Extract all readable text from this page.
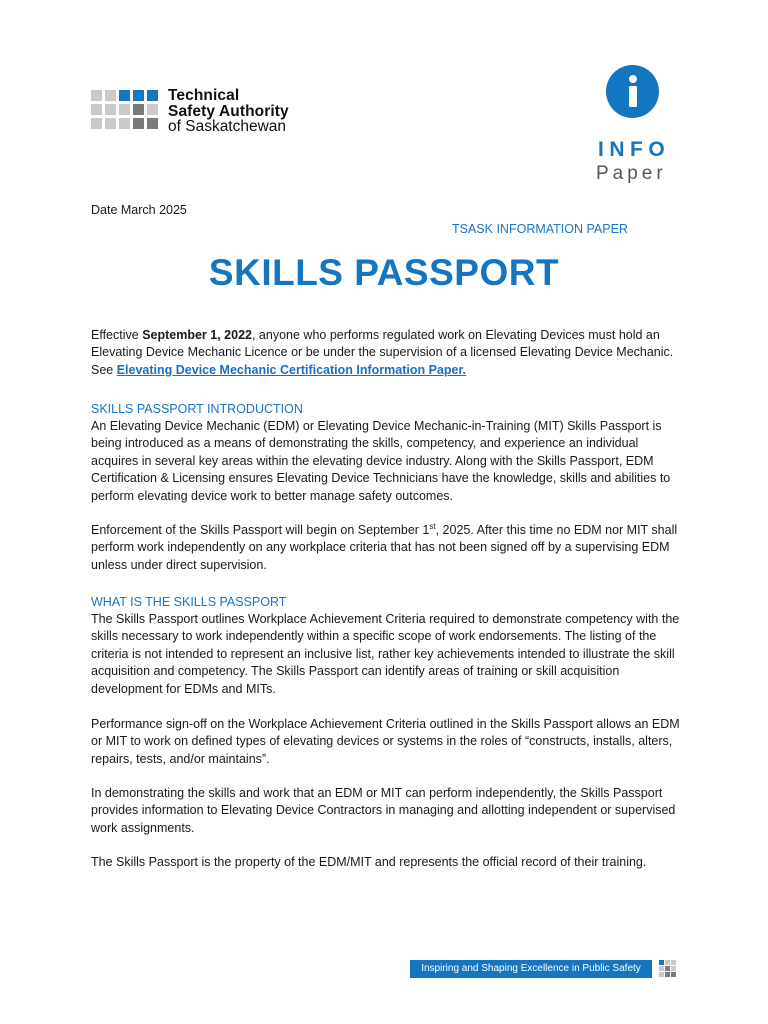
Technical
Safety Authority
of Saskatchewan
INFO
Paper
Date March 2025
TSASK INFORMATION PAPER
SKILLS PASSPORT

Effective September 1, 2022, anyone who performs regulated work on Elevating Devices must hold an Elevating Device Mechanic Licence or be under the supervision of a licensed Elevating Device Mechanic. See Elevating Device Mechanic Certification Information Paper.

SKILLS PASSPORT INTRODUCTION

An Elevating Device Mechanic (EDM) or Elevating Device Mechanic-in-Training (MIT) Skills Passport is being introduced as a means of demonstrating the skills, competency, and experience an individual acquires in several key areas within the elevating device industry. Along with the Skills Passport, EDM Certification & Licensing ensures Elevating Device Technicians have the knowledge, skills and abilities to perform elevating device work to better manage safety outcomes.

Enforcement of the Skills Passport will begin on September 1st, 2025. After this time no EDM nor MIT shall perform work independently on any workplace criteria that has not been signed off by a supervising EDM unless under direct supervision.

WHAT IS THE SKILLS PASSPORT

The Skills Passport outlines Workplace Achievement Criteria required to demonstrate competency with the skills necessary to work independently within a specific scope of work endorsements. The listing of the criteria is not intended to represent an inclusive list, rather key achievements intended to illustrate the skill acquisition and competency. The Skills Passport can identify areas of training or skill acquisition development for EDMs and MITs.

Performance sign-off on the Workplace Achievement Criteria outlined in the Skills Passport allows an EDM or MIT to work on defined types of elevating devices or systems in the roles of “constructs, installs, alters, repairs, tests, and/or maintains”.

In demonstrating the skills and work that an EDM or MIT can perform independently, the Skills Passport provides information to Elevating Device Contractors in managing and allotting independent or supervised work assignments.

The Skills Passport is the property of the EDM/MIT and represents the official record of their training.

Inspiring and Shaping Excellence in Public Safety
